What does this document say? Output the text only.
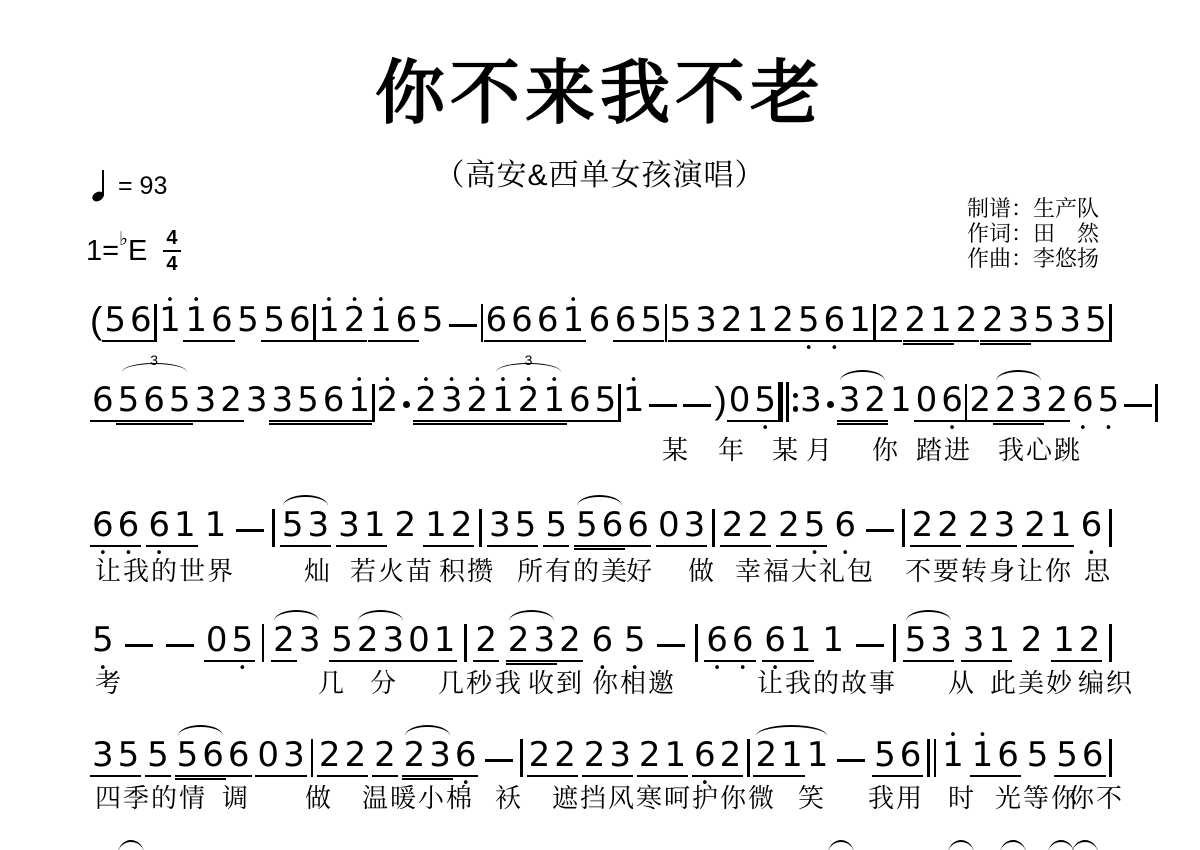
你不来我不老
（高安&西单女孩演唱）
= 93
1= ♭ E 4
4
制谱：生产队
作词：田　然
作曲：李悠扬
( 5 6 • 1 • 1 6 5 5 6 • 1 • 2 • 1 6 5 6 6 6 • 1 6 6 5 5 3 2 1 2 5 • 6 • 1 2 2 1 2 2 3 5 3 5
6 3 5 6 5 3 2 3 3 5 6 • 1 • 2 • 2 • 3 • 2 • 3 1 • 2 • 1 6 5 • 1 ) 0 5 • 3 3 2 1 0 6 • 2 2 3 2 6 • 5 •
某 年 某 月 你 踏进 我心跳
6 • 6 • 6 • 1 1 5 3 3 1 2 1 2 3 5 5 5 6 6 0 3 2 2 2 5 • 6 • 2 2 2 3 2 1 6 •
让我的世界	灿 若火苗 积攒 所有的美
好 做 幸福大礼包 不要转身让你 思
5 •	0 5 • 2 3 5 2 3 0 1 2 2 3 2 6 • 5 • 6 • 6 • 6 • 1 1 5 3 3 1 2 1 2
考	几 分 几秒 我 收到 你相邀	让我的故事 从 此美妙 编织
3 5 5 5 6 6 0 3 2 2 2 2 3 6 • 2 2 2 3 2 1 6 • 2 2 1 1 5 6 • 1 • 1 6 5 5 6
四季的情 调 做 温暖小棉 袄 遮挡风寒呵护你微 笑 我用 时 光等你
你不
